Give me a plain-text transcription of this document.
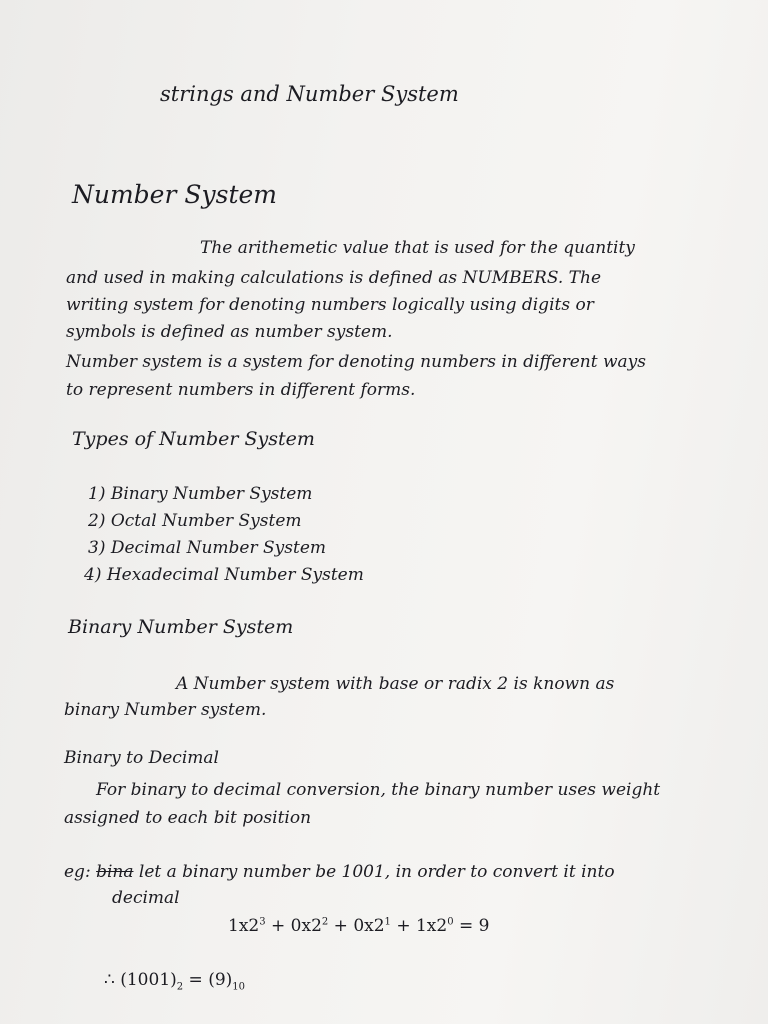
strings and Number System
Number System
The arithemetic value that is used for the quantity
and used in making calculations is defined as NUMBERS. The
writing system for denoting numbers logically using digits or
symbols is defined as number system.
Number system is a system for denoting numbers in different ways
to represent numbers in different forms.
Types of Number System
1) Binary Number System
2) Octal Number System
3) Decimal Number System
4) Hexadecimal Number System
Binary Number System
A Number system with base or radix 2 is known as
binary Number system.
Binary to Decimal
For binary to decimal conversion, the binary number uses weight
assigned to each bit position
eg: bina let a binary number be 1001, in order to convert it into
decimal
$1x2^3 + 0x2^2 + 0x2^1 + 1x2^0 = 9$
∴ $(1001)_2 = (9)_{10}$
